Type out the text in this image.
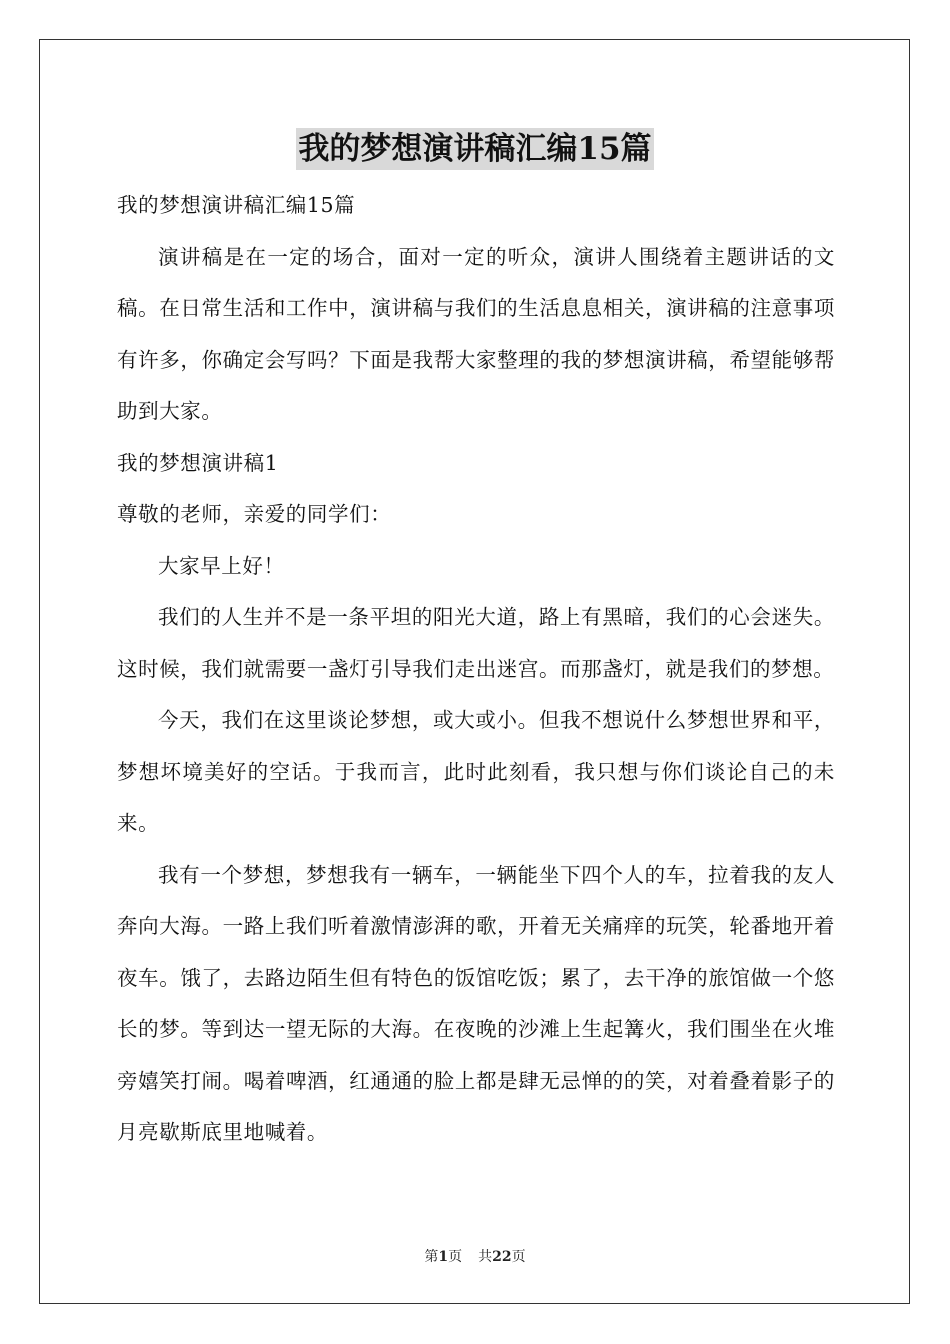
我的梦想演讲稿汇编15篇

我的梦想演讲稿汇编15篇

演讲稿是在一定的场合，面对一定的听众，演讲人围绕着主题讲话的文稿。在日常生活和工作中，演讲稿与我们的生活息息相关，演讲稿的注意事项有许多，你确定会写吗？下面是我帮大家整理的我的梦想演讲稿，希望能够帮助到大家。

我的梦想演讲稿1

尊敬的老师，亲爱的同学们：

大家早上好！

我们的人生并不是一条平坦的阳光大道，路上有黑暗，我们的心会迷失。这时候，我们就需要一盏灯引导我们走出迷宫。而那盏灯，就是我们的梦想。

今天，我们在这里谈论梦想，或大或小。但我不想说什么梦想世界和平，梦想坏境美好的空话。于我而言，此时此刻看，我只想与你们谈论自己的未来。

我有一个梦想，梦想我有一辆车，一辆能坐下四个人的车，拉着我的友人奔向大海。一路上我们听着激情澎湃的歌，开着无关痛痒的玩笑，轮番地开着夜车。饿了，去路边陌生但有特色的饭馆吃饭；累了，去干净的旅馆做一个悠长的梦。等到达一望无际的大海。在夜晚的沙滩上生起篝火，我们围坐在火堆旁嬉笑打闹。喝着啤酒，红通通的脸上都是肆无忌惮的的笑，对着叠着影子的月亮歇斯底里地喊着。

第1页 共22页
